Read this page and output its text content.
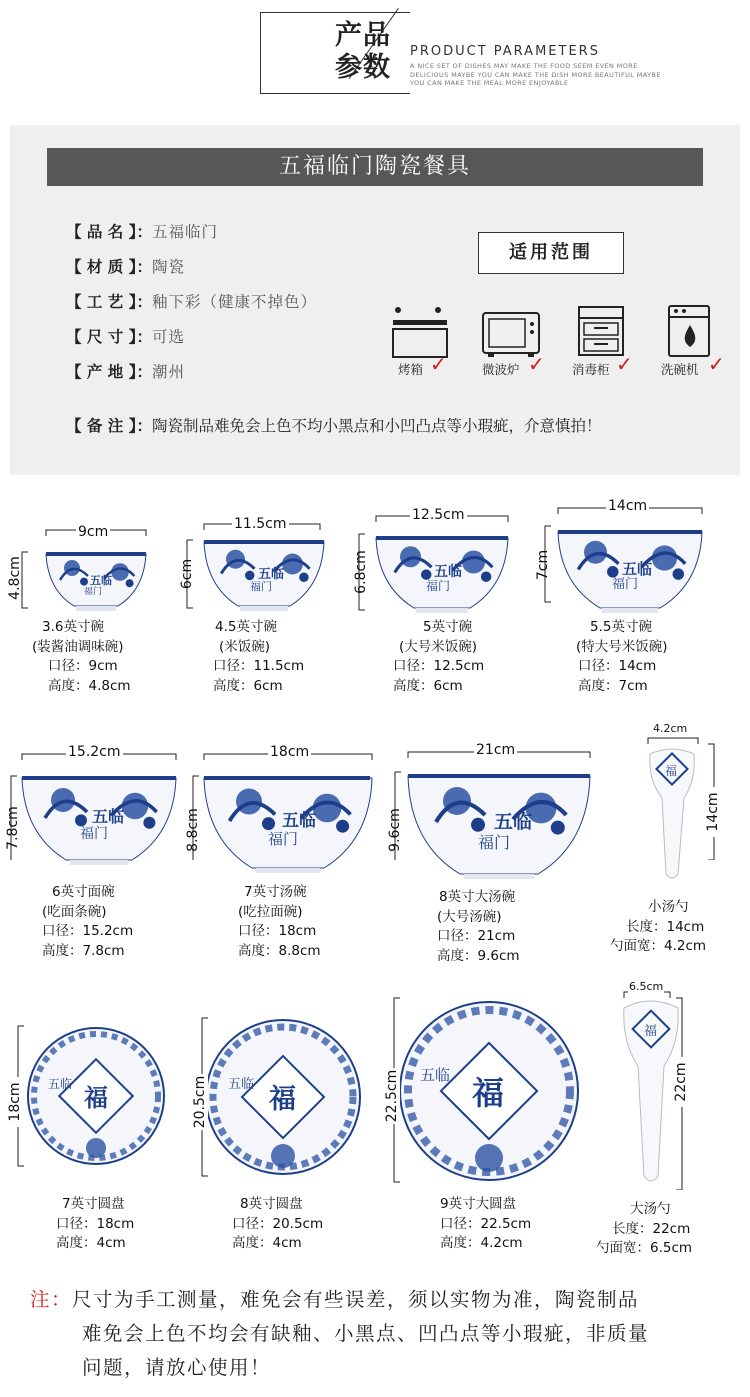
产品
参数
PRODUCT PARAMETERS
A NICE SET OF DISHES MAY MAKE THE FOOD SEEM EVEN MORE DELICIOUS MAYBE YOU CAN MAKE THE DISH MORE BEAUTIFUL MAYBE YOU CAN MAKE THE MEAL MORE ENJOYABLE
五福临门陶瓷餐具
【 品 名 】：五福临门
【 材 质 】：陶瓷
【 工 艺 】：釉下彩（健康不掉色）
【 尺 寸 】：可选
【 产 地 】：潮州
适用范围
烤箱 ✓	微波炉 ✓ 消毒柜 ✓ 洗碗机 ✓
【 备 注 】：陶瓷制品难免会上色不均小黑点和小凹凸点等小瑕疵，介意慎拍！
五临
福门
五临
福门
五临
福门
五临
福门
9cm
4.8cm
11.5cm
6cm
12.5cm
6.8cm
14cm
7cm
3.6英寸碗
(装酱油调味碗)
口径：9cm
高度：4.8cm
4.5英寸碗
(米饭碗)
口径：11.5cm
高度：6cm
5英寸碗
(大号米饭碗)
口径：12.5cm
高度：6cm
5.5英寸碗
(特大号米饭碗)
口径：14cm
高度：7cm
五临
福门
五临
福门
五临
福门
福
15.2cm
7.8cm
18cm
8.8cm
21cm
9.6cm
4.2cm
14cm
6英寸面碗
(吃面条碗)
口径：15.2cm
高度：7.8cm
7英寸汤碗
(吃拉面碗)
口径：18cm
高度：8.8cm
8英寸大汤碗
(大号汤碗)
口径：21cm
高度：9.6cm
小汤勺
长度：14cm
勺面宽：4.2cm
福
五临	福
五临	福
五临
福
18cm	20.5cm	22.5cm
6.5cm
22cm
7英寸圆盘
口径：18cm
高度：4cm
8英寸圆盘
口径：20.5cm
高度：4cm
9英寸大圆盘
口径：22.5cm
高度：4.2cm
大汤勺
长度：22cm
勺面宽：6.5cm
注：尺寸为手工测量，难免会有些误差，须以实物为准，陶瓷制品
难免会上色不均会有缺釉、小黑点、凹凸点等小瑕疵，非质量
问题，请放心使用！
